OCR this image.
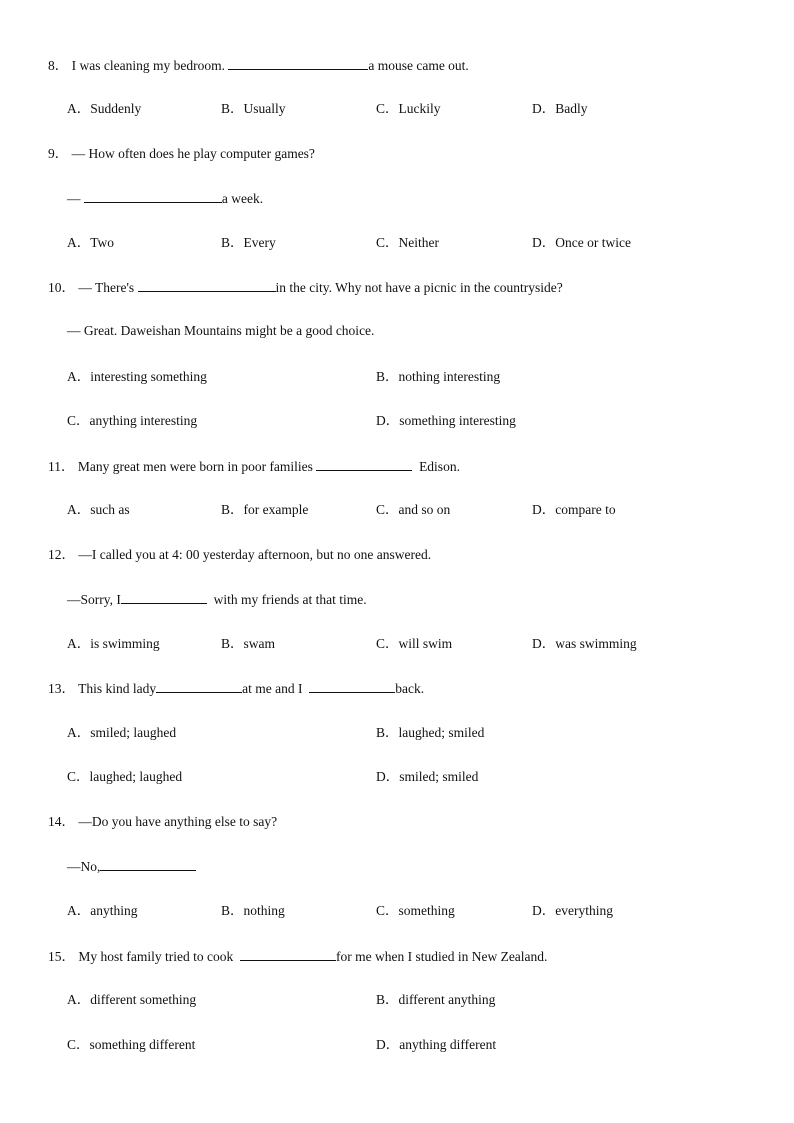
8． I was cleaning my bedroom.	a mouse came out.
A．Suddenly	B．Usually	C．Luckily	D．Badly
9． — How often does he play computer games?
—	a week.
A．Two	B．Every	C．Neither	D．Once or twice
10． — There's	in the city. Why not have a picnic in the countryside?
— Great. Daweishan Mountains might be a good choice.
A．interesting something	B．nothing interesting
C．anything interesting	D．something interesting
11． Many great men were born in poor families	Edison.
A．such as	B．for example	C．and so on	D．compare to
12． —I called you at 4: 00 yesterday afternoon, but no one answered.
—Sorry, I	with my friends at that time.
A．is swimming	B．swam	C．will swim	D．was swimming
13． This kind lady	at me and I	back.
A．smiled; laughed	B．laughed; smiled
C．laughed; laughed	D．smiled; smiled
14． —Do you have anything else to say?
—No,
A．anything	B．nothing	C．something	D．everything
15． My host family tried to cook	for me when I studied in New Zealand.
A．different something	B．different anything
C．something different	D．anything different
